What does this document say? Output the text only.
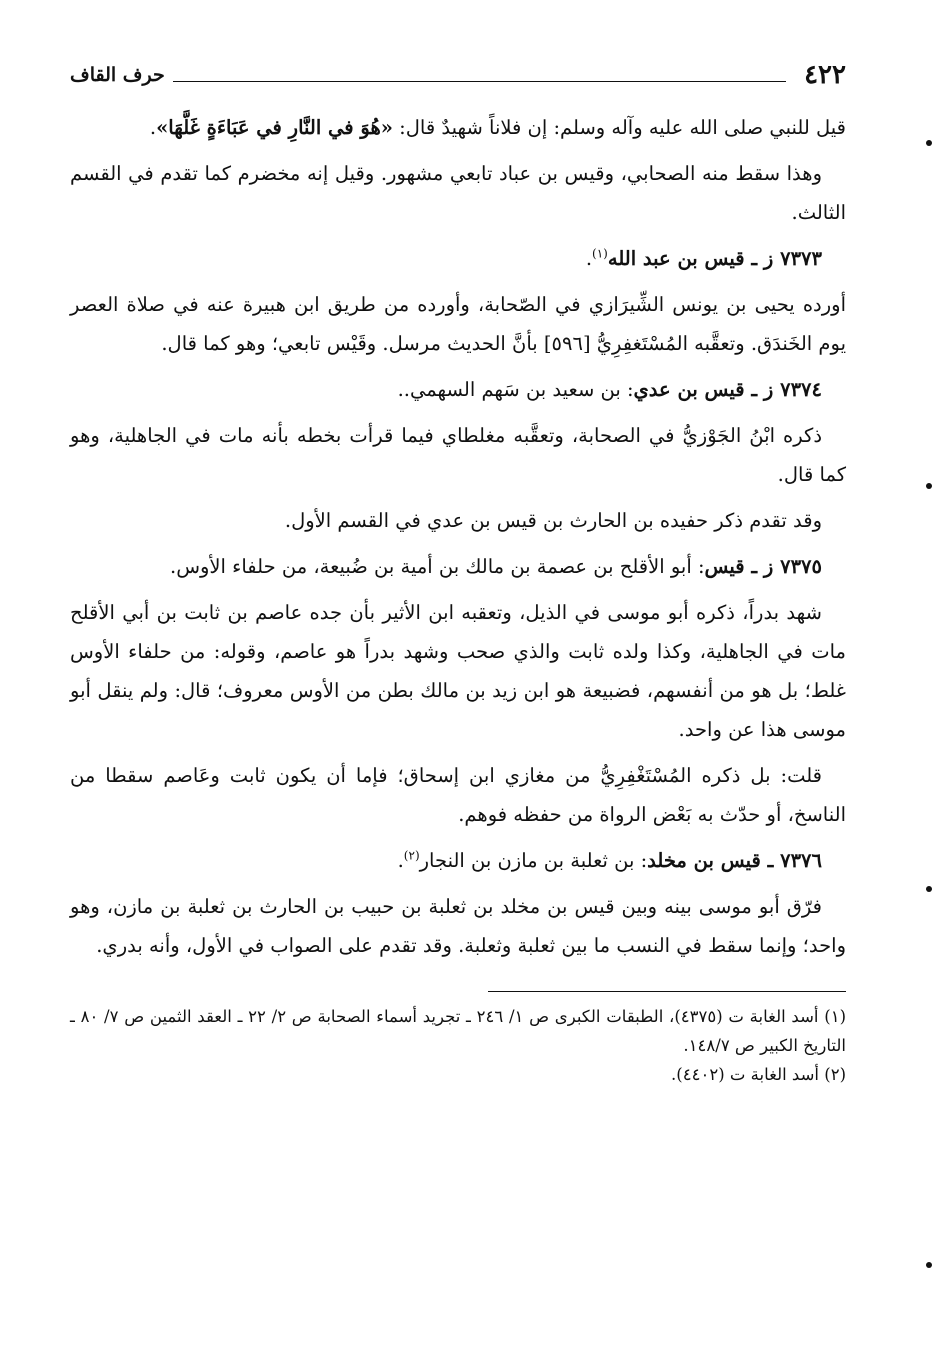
٤٢٢
حرف القاف

قيل للنبي صلى الله عليه وآله وسلم: إن فلاناً شهيدٌ قال: «هُوَ في النَّارِ في عَبَاءَةٍ غَلَّهَا».

وهذا سقط منه الصحابي، وقيس بن عباد تابعي مشهور. وقيل إنه مخضرم كما تقدم في القسم الثالث.

٧٣٧٣ ز ـ قيس بن عبد الله$^{(١)}$.

أورده يحيى بن يونس الشِّيرَازي في الصّحابة، وأورده من طريق ابن هبيرة عنه في صلاة العصر يوم الخَندَق. وتعقَّبه المُسْتَغفِرِيُّ [٥٩٦] بأنَّ الحديث مرسل. وقَيْس تابعي؛ وهو كما قال.

٧٣٧٤ ز ـ قيس بن عدي: بن سعيد بن سَهم السهمي..

ذكره ابْنُ الجَوْزيُّ في الصحابة، وتعقَّبه مغلطاي فيما قرأت بخطه بأنه مات في الجاهلية، وهو كما قال.

وقد تقدم ذكر حفيده بن الحارث بن قيس بن عدي في القسم الأول.

٧٣٧٥ ز ـ قيس: أبو الأقلح بن عصمة بن مالك بن أمية بن ضُبيعة، من حلفاء الأوس.

شهد بدراً، ذكره أبو موسى في الذيل، وتعقبه ابن الأثير بأن جده عاصم بن ثابت بن أبي الأقلح مات في الجاهلية، وكذا ولده ثابت والذي صحب وشهد بدراً هو عاصم، وقوله: من حلفاء الأوس غلط؛ بل هو من أنفسهم، فضبيعة هو ابن زيد بن مالك بطن من الأوس معروف؛ قال: ولم ينقل أبو موسى هذا عن واحد.

قلت: بل ذكره المُسْتَغْفِرِيُّ من مغازي ابن إسحاق؛ فإما أن يكون ثابت وعَاصم سقطا من الناسخ، أو حدّث به بَعْض الرواة من حفظه فوهم.

٧٣٧٦ ـ قيس بن مخلد: بن ثعلبة بن مازن بن النجار$^{(٢)}$.

فرّق أبو موسى بينه وبين قيس بن مخلد بن ثعلبة بن حبيب بن الحارث بن ثعلبة بن مازن، وهو واحد؛ وإنما سقط في النسب ما بين ثعلبة وثعلبة. وقد تقدم على الصواب في الأول، وأنه بدري.

(١) أسد الغابة ت (٤٣٧٥)، الطبقات الكبرى ص ١/ ٢٤٦ ـ تجريد أسماء الصحابة ص ٢/ ٢٢ ـ العقد الثمين ص ٧/ ٨٠ ـ التاريخ الكبير ص ١٤٨/٧.

(٢) أسد الغابة ت (٤٤٠٢).
